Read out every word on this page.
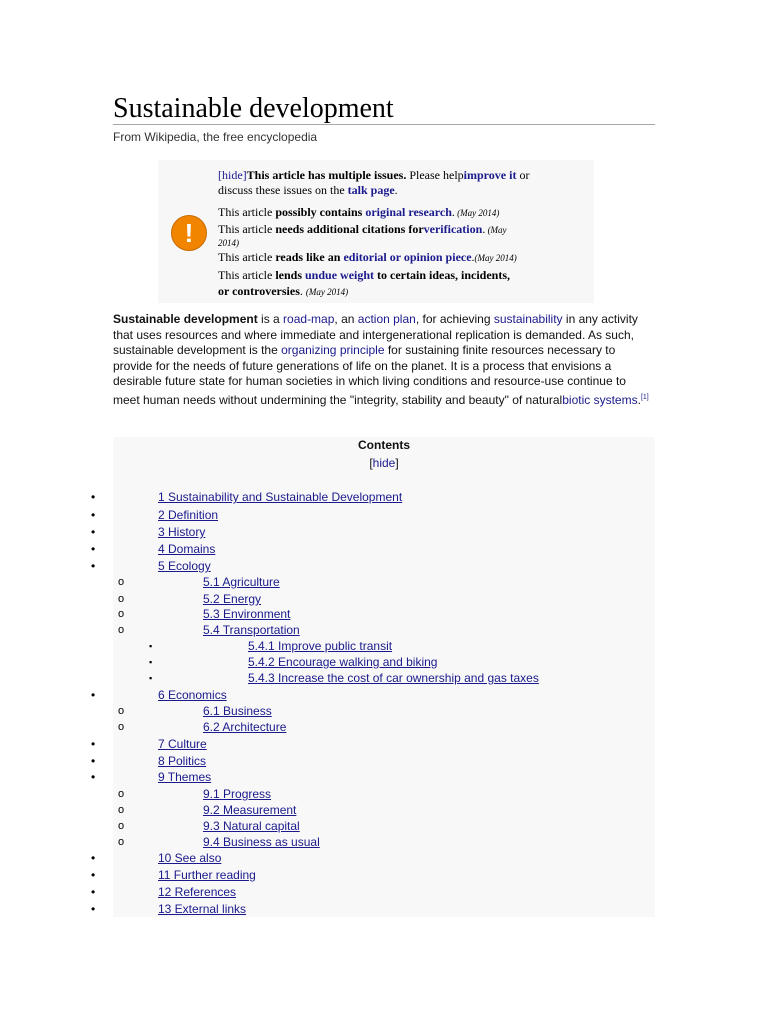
Sustainable development
From Wikipedia, the free encyclopedia
!
[hide]This article has multiple issues. Please helpimprove it or
discuss these issues on the talk page.
This article possibly contains original research. (May 2014)
This article needs additional citations forverification. (May
2014)
This article reads like an editorial or opinion piece.(May 2014)
This article lends undue weight to certain ideas, incidents,
or controversies. (May 2014)

Sustainable development is a road-map, an action plan, for achieving sustainability in any activity that uses resources and where immediate and intergenerational replication is demanded. As such, sustainable development is the organizing principle for sustaining finite resources necessary to provide for the needs of future generations of life on the planet. It is a process that envisions a desirable future state for human societies in which living conditions and resource-use continue to meet human needs without undermining the "integrity, stability and beauty" of naturalbiotic systems.[1]

Contents
[hide]
•	1 Sustainability and Sustainable Development
•	2 Definition
•	3 History
•	4 Domains
•	5 Ecology
o	5.1 Agriculture
o	5.2 Energy
o	5.3 Environment
o	5.4 Transportation
▪	5.4.1 Improve public transit
▪	5.4.2 Encourage walking and biking
▪	5.4.3 Increase the cost of car ownership and gas taxes
•	6 Economics
o	6.1 Business
o	6.2 Architecture
•	7 Culture
•	8 Politics
•	9 Themes
o	9.1 Progress
o	9.2 Measurement
o	9.3 Natural capital
o	9.4 Business as usual
•	10 See also
•	11 Further reading
•	12 References
•	13 External links
